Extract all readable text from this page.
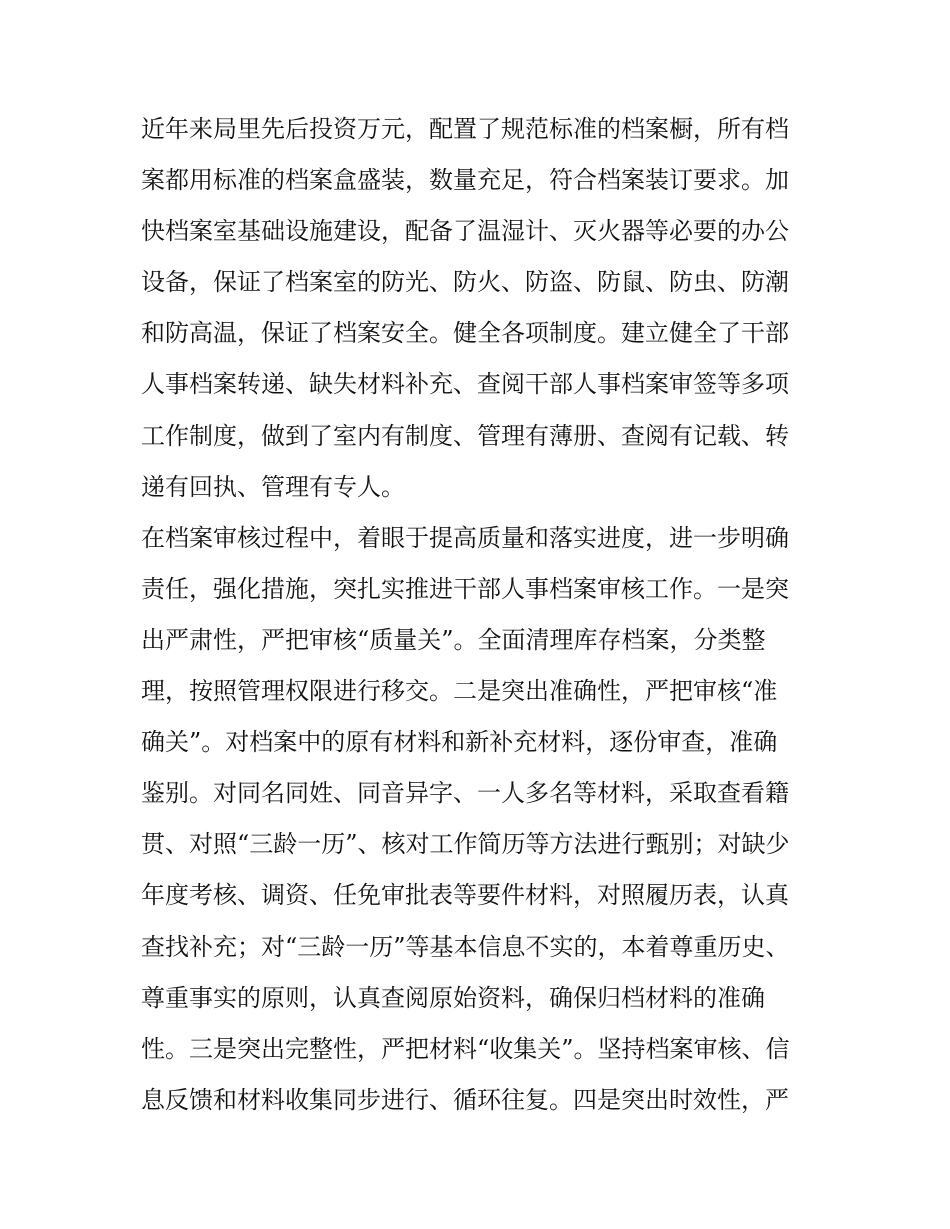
近年来局里先后投资万元，配置了规范标准的档案橱，所有档
案都用标准的档案盒盛装，数量充足，符合档案装订要求。加
快档案室基础设施建设，配备了温湿计、灭火器等必要的办公
设备，保证了档案室的防光、防火、防盗、防鼠、防虫、防潮
和防高温，保证了档案安全。健全各项制度。建立健全了干部
人事档案转递、缺失材料补充、查阅干部人事档案审签等多项
工作制度，做到了室内有制度、管理有薄册、查阅有记载、转
递有回执、管理有专人。
在档案审核过程中，着眼于提高质量和落实进度，进一步明确
责任，强化措施，突扎实推进干部人事档案审核工作。一是突
出严肃性，严把审核“质量关”。全面清理库存档案，分类整
理，按照管理权限进行移交。二是突出准确性，严把审核“准
确关”。对档案中的原有材料和新补充材料，逐份审查，准确
鉴别。对同名同姓、同音异字、一人多名等材料，采取查看籍
贯、对照“三龄一历”、核对工作简历等方法进行甄别；对缺少
年度考核、调资、任免审批表等要件材料，对照履历表，认真
查找补充；对“三龄一历”等基本信息不实的，本着尊重历史、
尊重事实的原则，认真查阅原始资料，确保归档材料的准确
性。三是突出完整性，严把材料“收集关”。坚持档案审核、信
息反馈和材料收集同步进行、循环往复。四是突出时效性，严
